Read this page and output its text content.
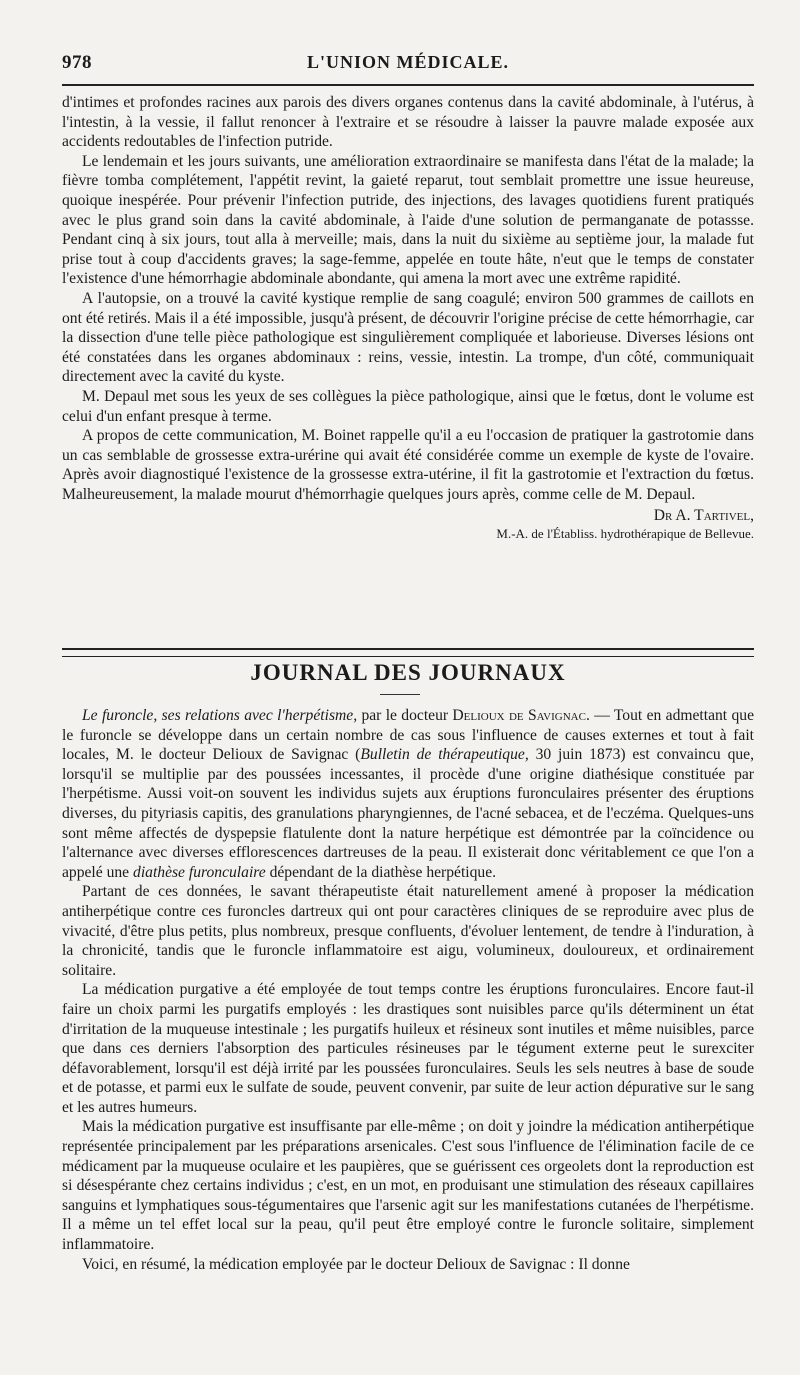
978	L'UNION MÉDICALE.

d'intimes et profondes racines aux parois des divers organes contenus dans la cavité abdominale, à l'utérus, à l'intestin, à la vessie, il fallut renoncer à l'extraire et se résoudre à laisser la pauvre malade exposée aux accidents redoutables de l'infection putride.

Le lendemain et les jours suivants, une amélioration extraordinaire se manifesta dans l'état de la malade; la fièvre tomba complétement, l'appétit revint, la gaieté reparut, tout semblait promettre une issue heureuse, quoique inespérée. Pour prévenir l'infection putride, des injections, des lavages quotidiens furent pratiqués avec le plus grand soin dans la cavité abdominale, à l'aide d'une solution de permanganate de potassse. Pendant cinq à six jours, tout alla à merveille; mais, dans la nuit du sixième au septième jour, la malade fut prise tout à coup d'accidents graves; la sage-femme, appelée en toute hâte, n'eut que le temps de constater l'existence d'une hémorrhagie abdominale abondante, qui amena la mort avec une extrême rapidité.

A l'autopsie, on a trouvé la cavité kystique remplie de sang coagulé; environ 500 grammes de caillots en ont été retirés. Mais il a été impossible, jusqu'à présent, de découvrir l'origine précise de cette hémorrhagie, car la dissection d'une telle pièce pathologique est singulièrement compliquée et laborieuse. Diverses lésions ont été constatées dans les organes abdominaux : reins, vessie, intestin. La trompe, d'un côté, communiquait directement avec la cavité du kyste.

M. Depaul met sous les yeux de ses collègues la pièce pathologique, ainsi que le fœtus, dont le volume est celui d'un enfant presque à terme.

A propos de cette communication, M. Boinet rappelle qu'il a eu l'occasion de pratiquer la gastrotomie dans un cas semblable de grossesse extra-urérine qui avait été considérée comme un exemple de kyste de l'ovaire. Après avoir diagnostiqué l'existence de la grossesse extra-utérine, il fit la gastrotomie et l'extraction du fœtus. Malheureusement, la malade mourut d'hémorrhagie quelques jours après, comme celle de M. Depaul.

Dr A. Tartivel,
M.-A. de l'Établiss. hydrothérapique de Bellevue.
JOURNAL DES JOURNAUX

Le furoncle, ses relations avec l'herpétisme, par le docteur Delioux de Savignac. — Tout en admettant que le furoncle se développe dans un certain nombre de cas sous l'influence de causes externes et tout à fait locales, M. le docteur Delioux de Savignac (Bulletin de thérapeutique, 30 juin 1873) est convaincu que, lorsqu'il se multiplie par des poussées incessantes, il procède d'une origine diathésique constituée par l'herpétisme. Aussi voit-on souvent les individus sujets aux éruptions furonculaires présenter des éruptions diverses, du pityriasis capitis, des granulations pharyngiennes, de l'acné sebacea, et de l'eczéma. Quelques-uns sont même affectés de dyspepsie flatulente dont la nature herpétique est démontrée par la coïncidence ou l'alternance avec diverses efflorescences dartreuses de la peau. Il existerait donc véritablement ce que l'on a appelé une diathèse furonculaire dépendant de la diathèse herpétique.

Partant de ces données, le savant thérapeutiste était naturellement amené à proposer la médication antiherpétique contre ces furoncles dartreux qui ont pour caractères cliniques de se reproduire avec plus de vivacité, d'être plus petits, plus nombreux, presque confluents, d'évoluer lentement, de tendre à l'induration, à la chronicité, tandis que le furoncle inflammatoire est aigu, volumineux, douloureux, et ordinairement solitaire.

La médication purgative a été employée de tout temps contre les éruptions furonculaires. Encore faut-il faire un choix parmi les purgatifs employés : les drastiques sont nuisibles parce qu'ils déterminent un état d'irritation de la muqueuse intestinale ; les purgatifs huileux et résineux sont inutiles et même nuisibles, parce que dans ces derniers l'absorption des particules résineuses par le tégument externe peut le surexciter défavorablement, lorsqu'il est déjà irrité par les poussées furonculaires. Seuls les sels neutres à base de soude et de potasse, et parmi eux le sulfate de soude, peuvent convenir, par suite de leur action dépurative sur le sang et les autres humeurs.

Mais la médication purgative est insuffisante par elle-même ; on doit y joindre la médication antiherpétique représentée principalement par les préparations arsenicales. C'est sous l'influence de l'élimination facile de ce médicament par la muqueuse oculaire et les paupières, que se guérissent ces orgeolets dont la reproduction est si désespérante chez certains individus ; c'est, en un mot, en produisant une stimulation des réseaux capillaires sanguins et lymphatiques sous-tégumentaires que l'arsenic agit sur les manifestations cutanées de l'herpétisme. Il a même un tel effet local sur la peau, qu'il peut être employé contre le furoncle solitaire, simplement inflammatoire.

Voici, en résumé, la médication employée par le docteur Delioux de Savignac : Il donne
